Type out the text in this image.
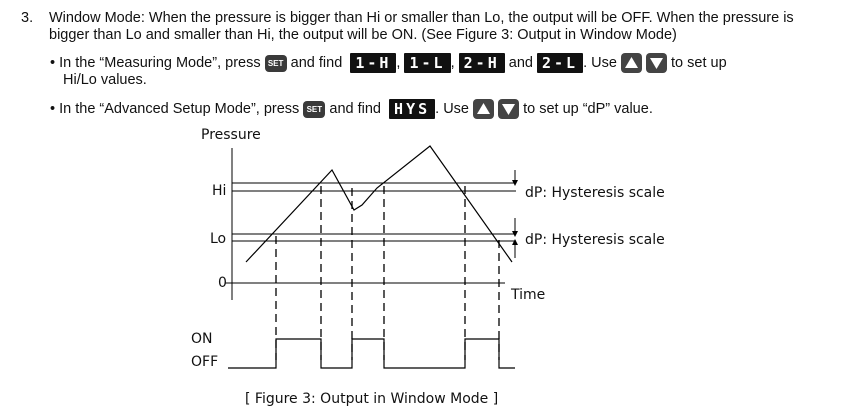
3. Window Mode: When the pressure is bigger than Hi or smaller than Lo, the output will be OFF. When the pressure is
bigger than Lo and smaller than Hi, the output will be ON. (See Figure 3: Output in Window Mode)
• In the “Measuring Mode”, press
SET
and find
1-H ,
1-L ,
2-H
and
2-L . Use

	to set up
Hi/Lo values.
• In the “Advanced Setup Mode”, press
SET
and find
HYS . Use

	to set up “dP” value.
Pressure
Hi
Lo
0
ON
OFF
Time
dP: Hysteresis scale
dP: Hysteresis scale
[ Figure 3: Output in Window Mode ]
